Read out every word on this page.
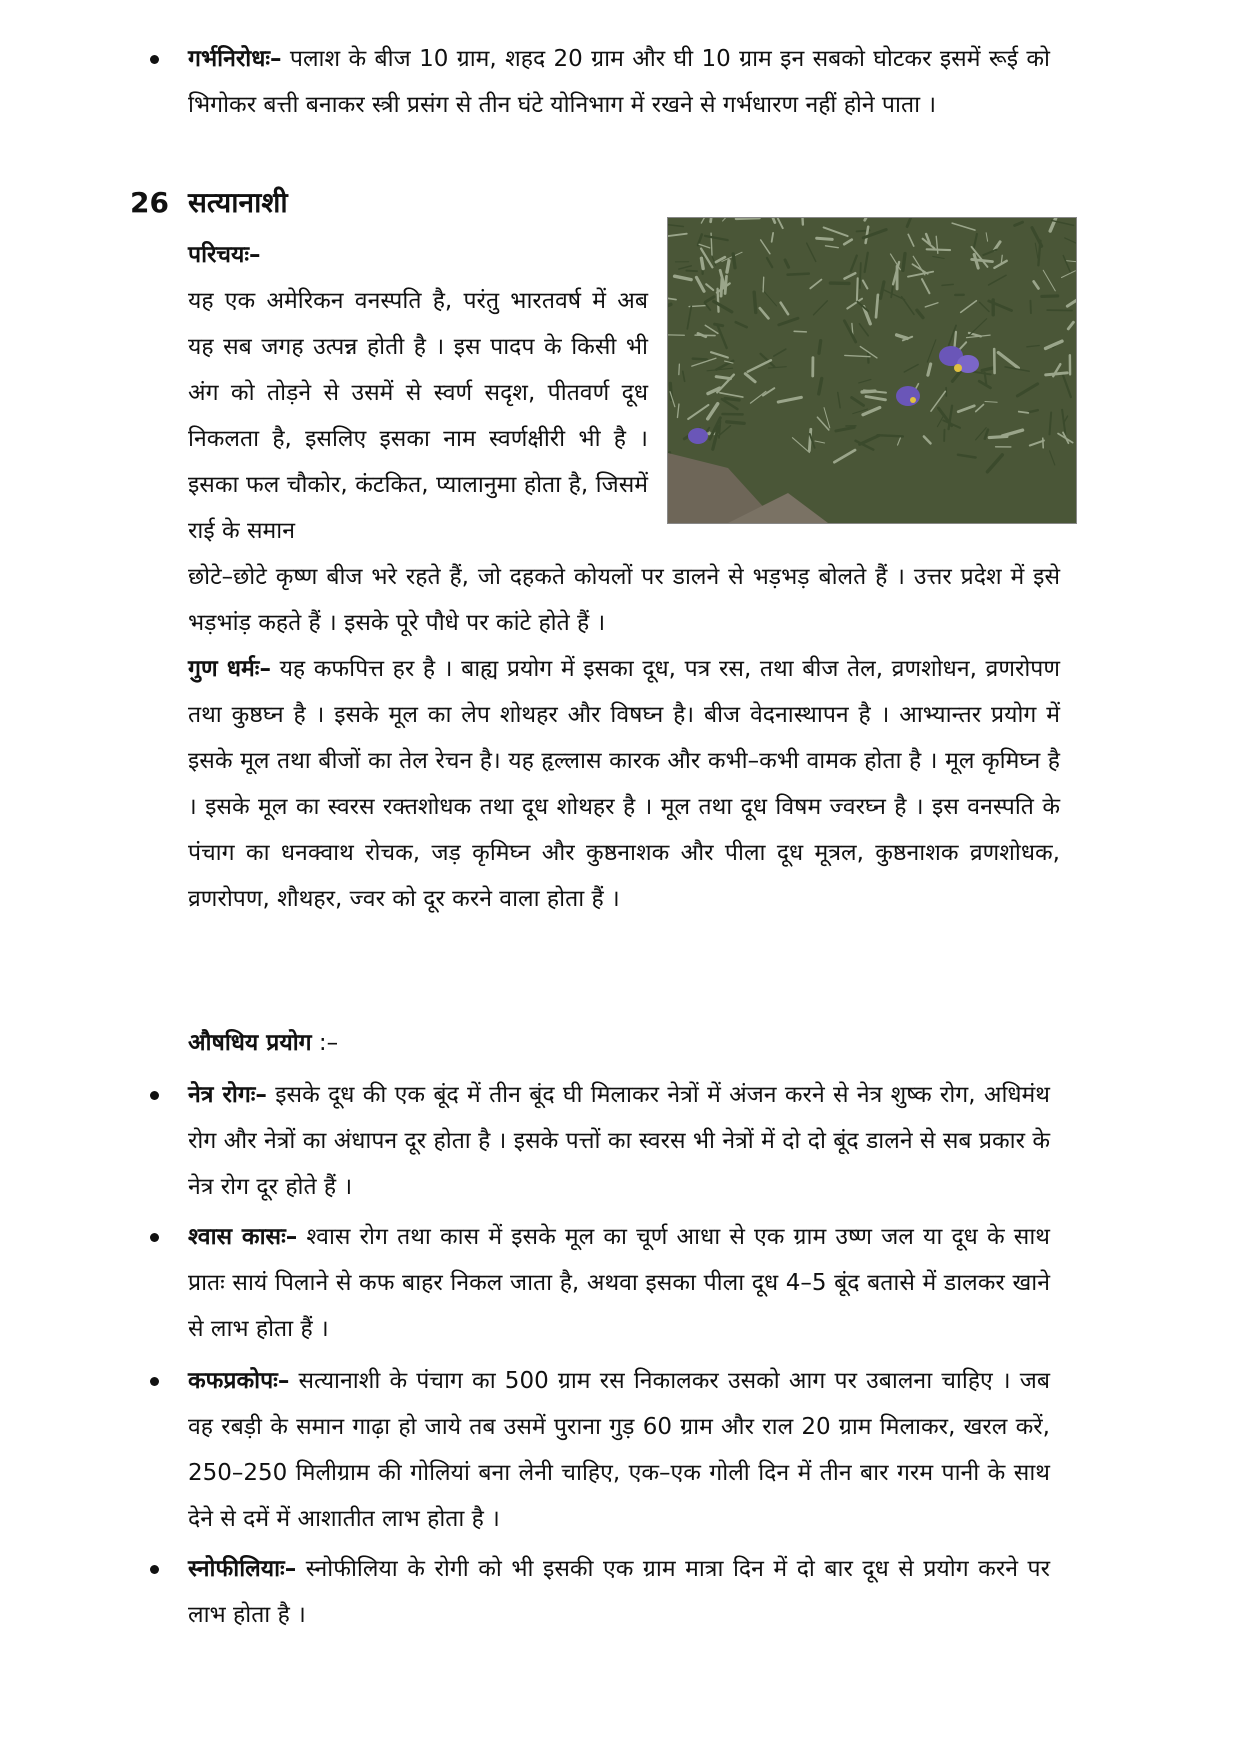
गर्भनिरोधः– पलाश के बीज 10 ग्राम, शहद 20 ग्राम और घी 10 ग्राम इन सबको घोटकर इसमें रूई को भिगोकर बत्ती बनाकर स्त्री प्रसंग से तीन घंटे योनिभाग में रखने से गर्भधारण नहीं होने पाता ।
26 सत्यानाशी
परिचयः–
यह एक अमेरिकन वनस्पति है, परंतु भारतवर्ष में अब यह सब जगह उत्पन्न होती है । इस पादप के किसी भी अंग को तोड़ने से उसमें से स्वर्ण सदृश, पीतवर्ण दूध निकलता है, इसलिए इसका नाम स्वर्णक्षीरी भी है । इसका फल चौकोर, कंटकित, प्यालानुमा होता है, जिसमें राई के समान
छोटे–छोटे कृष्ण बीज भरे रहते हैं, जो दहकते कोयलों पर डालने से भड़भड़ बोलते हैं । उत्तर प्रदेश में इसे भड़भांड़ कहते हैं । इसके पूरे पौधे पर कांटे होते हैं ।
गुण धर्मः– यह कफपित्त हर है । बाह्य प्रयोग में इसका दूध, पत्र रस, तथा बीज तेल, व्रणशोधन, व्रणरोपण तथा कुष्ठघ्न है । इसके मूल का लेप शोथहर और विषघ्न है। बीज वेदनास्थापन है । आभ्यान्तर प्रयोग में इसके मूल तथा बीजों का तेल रेचन है। यह हृल्लास कारक और कभी–कभी वामक होता है । मूल कृमिघ्न है । इसके मूल का स्वरस रक्तशोधक तथा दूध शोथहर है । मूल तथा दूध विषम ज्वरघ्न है । इस वनस्पति के पंचाग का धनक्वाथ रोचक, जड़ कृमिघ्न और कुष्ठनाशक और पीला दूध मूत्रल, कुष्ठनाशक व्रणशोधक, व्रणरोपण, शौथहर, ज्वर को दूर करने वाला होता हैं ।
औषधिय प्रयोग :–
नेत्र रोगः– इसके दूध की एक बूंद में तीन बूंद घी मिलाकर नेत्रों में अंजन करने से नेत्र शुष्क रोग, अधिमंथ रोग और नेत्रों का अंधापन दूर होता है । इसके पत्तों का स्वरस भी नेत्रों में दो दो बूंद डालने से सब प्रकार के नेत्र रोग दूर होते हैं ।
श्वास कासः– श्वास रोग तथा कास में इसके मूल का चूर्ण आधा से एक ग्राम उष्ण जल या दूध के साथ प्रातः सायं पिलाने से कफ बाहर निकल जाता है, अथवा इसका पीला दूध 4–5 बूंद बतासे में डालकर खाने से लाभ होता हैं ।
कफप्रकोपः– सत्यानाशी के पंचाग का 500 ग्राम रस निकालकर उसको आग पर उबालना चाहिए । जब वह रबड़ी के समान गाढ़ा हो जाये तब उसमें पुराना गुड़ 60 ग्राम और राल 20 ग्राम मिलाकर, खरल करें, 250–250 मिलीग्राम की गोलियां बना लेनी चाहिए, एक–एक गोली दिन में तीन बार गरम पानी के साथ देने से दमें में आशातीत लाभ होता है ।
स्नोफीलियाः– स्नोफीलिया के रोगी को भी इसकी एक ग्राम मात्रा दिन में दो बार दूध से प्रयोग करने पर लाभ होता है ।
